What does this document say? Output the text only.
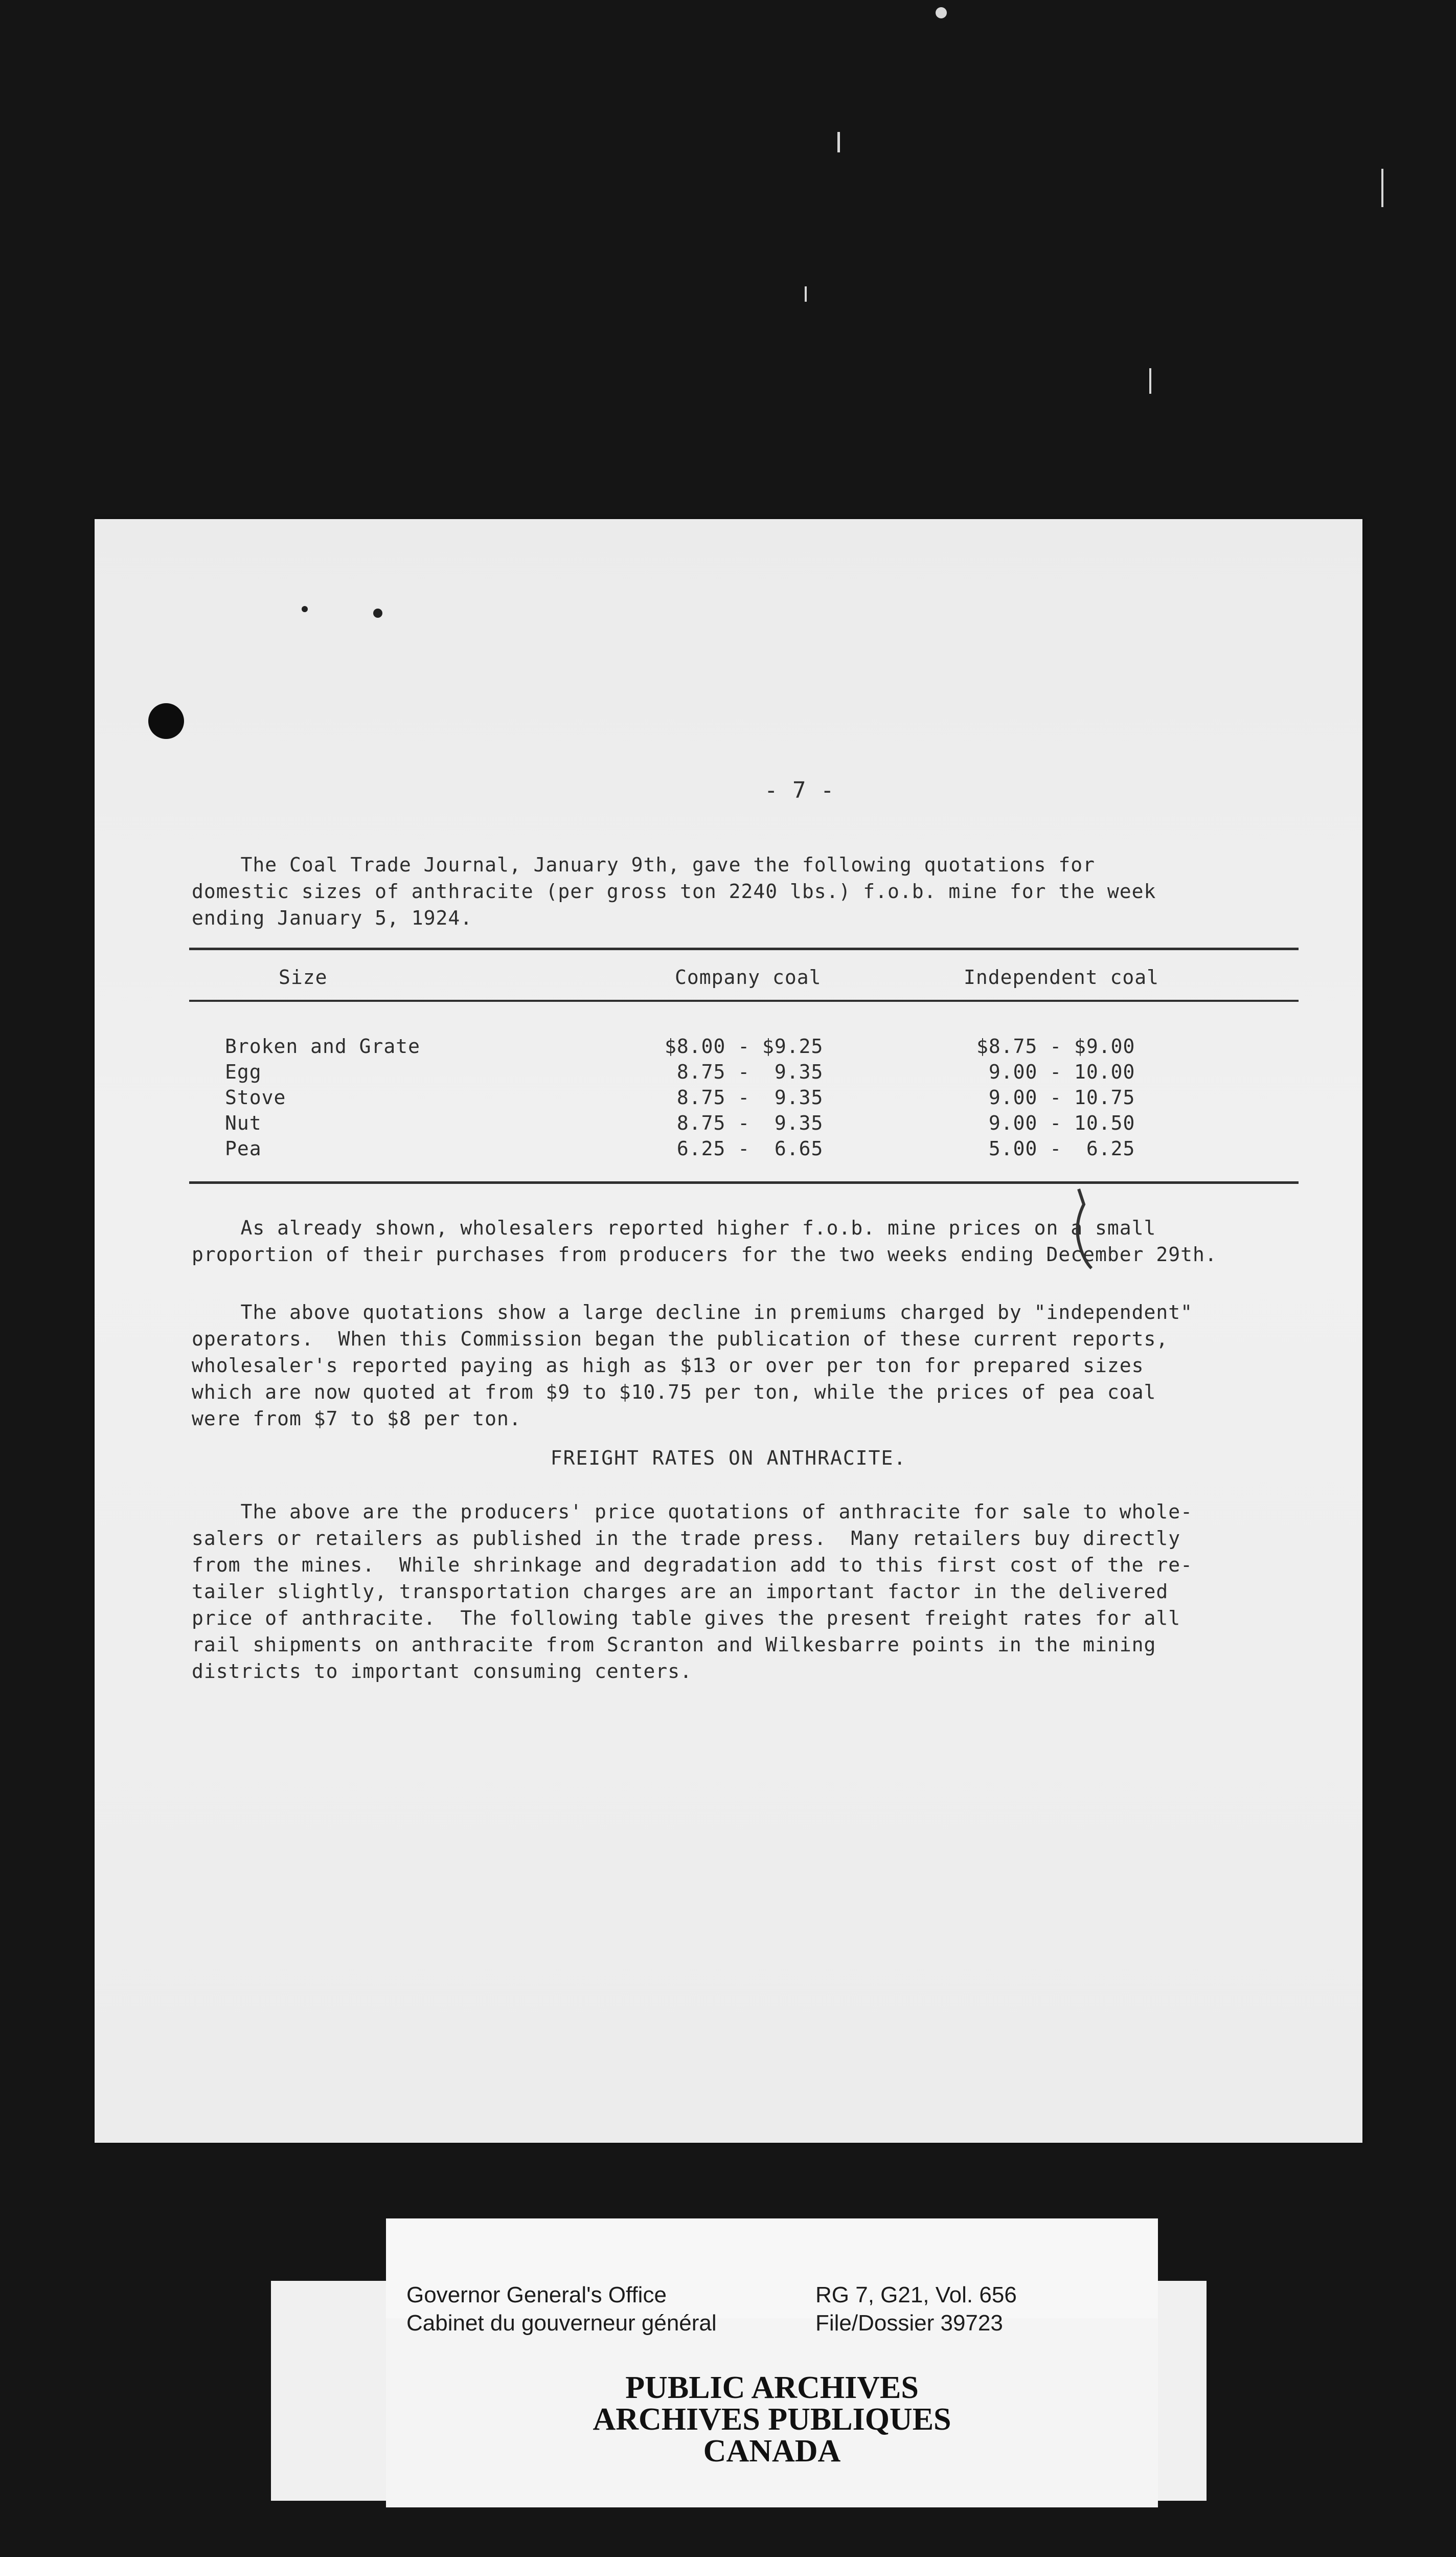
- 7 -

The Coal Trade Journal, January 9th, gave the following quotations for

domestic sizes of anthracite (per gross ton 2240 lbs.) f.o.b. mine for the week

ending January 5, 1924.

Size	Company coal	Independent coal
Broken and Grate	$8.00 - $9.25	$8.75 - $9.00
Egg	8.75 -  9.35	9.00 - 10.00
Stove	8.75 -  9.35	9.00 - 10.75
Nut	8.75 -  9.35	9.00 - 10.50
Pea	6.25 -  6.65	5.00 -  6.25

As already shown, wholesalers reported higher f.o.b. mine prices on a small

proportion of their purchases from producers for the two weeks ending December 29th.

The above quotations show a large decline in premiums charged by "independent"

operators.  When this Commission began the publication of these current reports,

wholesaler's reported paying as high as $13 or over per ton for prepared sizes

which are now quoted at from $9 to $10.75 per ton, while the prices of pea coal

were from $7 to $8 per ton.

FREIGHT RATES ON ANTHRACITE.

The above are the producers' price quotations of anthracite for sale to whole-

salers or retailers as published in the trade press.  Many retailers buy directly

from the mines.  While shrinkage and degradation add to this first cost of the re-

tailer slightly, transportation charges are an important factor in the delivered

price of anthracite.  The following table gives the present freight rates for all

rail shipments on anthracite from Scranton and Wilkesbarre points in the mining

districts to important consuming centers.

Governor General's Office
Cabinet du gouverneur général
RG 7, G21, Vol. 656
File/Dossier 39723
PUBLIC ARCHIVES
ARCHIVES PUBLIQUES
CANADA
